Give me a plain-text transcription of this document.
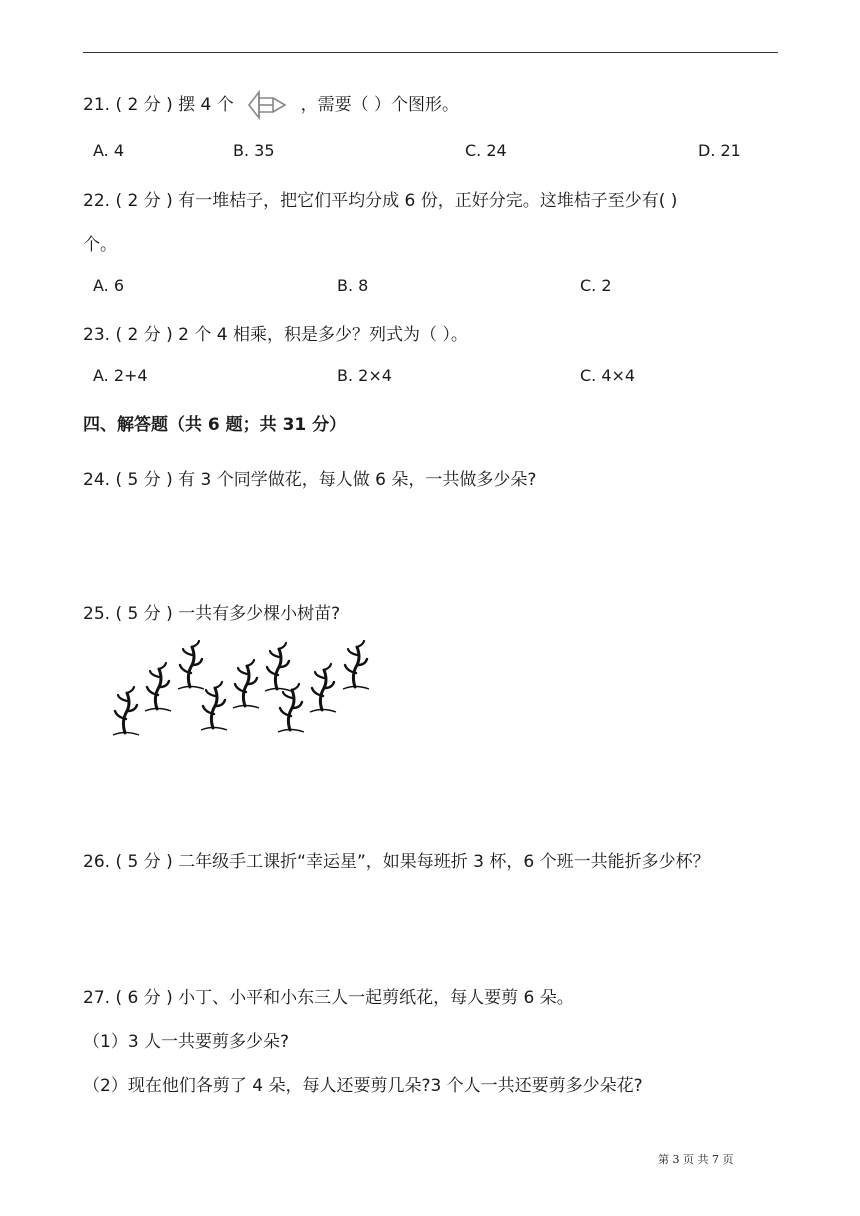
21. ( 2 分 ) 摆 4 个	，需要（ ）个图形。
A. 4	B. 35	C. 24	D. 21
22. ( 2 分 ) 有一堆桔子，把它们平均分成 6 份，正好分完。这堆桔子至少有( )
个。
A. 6	B. 8	C. 2
23. ( 2 分 ) 2 个 4 相乘，积是多少？列式为（ ）。
A. 2+4	B. 2×4	C. 4×4
四、解答题（共 6 题；共 31 分）
24. ( 5 分 ) 有 3 个同学做花，每人做 6 朵，一共做多少朵?
25. ( 5 分 ) 一共有多少棵小树苗?
26. ( 5 分 ) 二年级手工课折“幸运星”，如果每班折 3 杯，6 个班一共能折多少杯？
27. ( 6 分 ) 小丁、小平和小东三人一起剪纸花，每人要剪 6 朵。
（1）3 人一共要剪多少朵?
（2）现在他们各剪了 4 朵，每人还要剪几朵?3 个人一共还要剪多少朵花?
第 3 页 共 7 页
